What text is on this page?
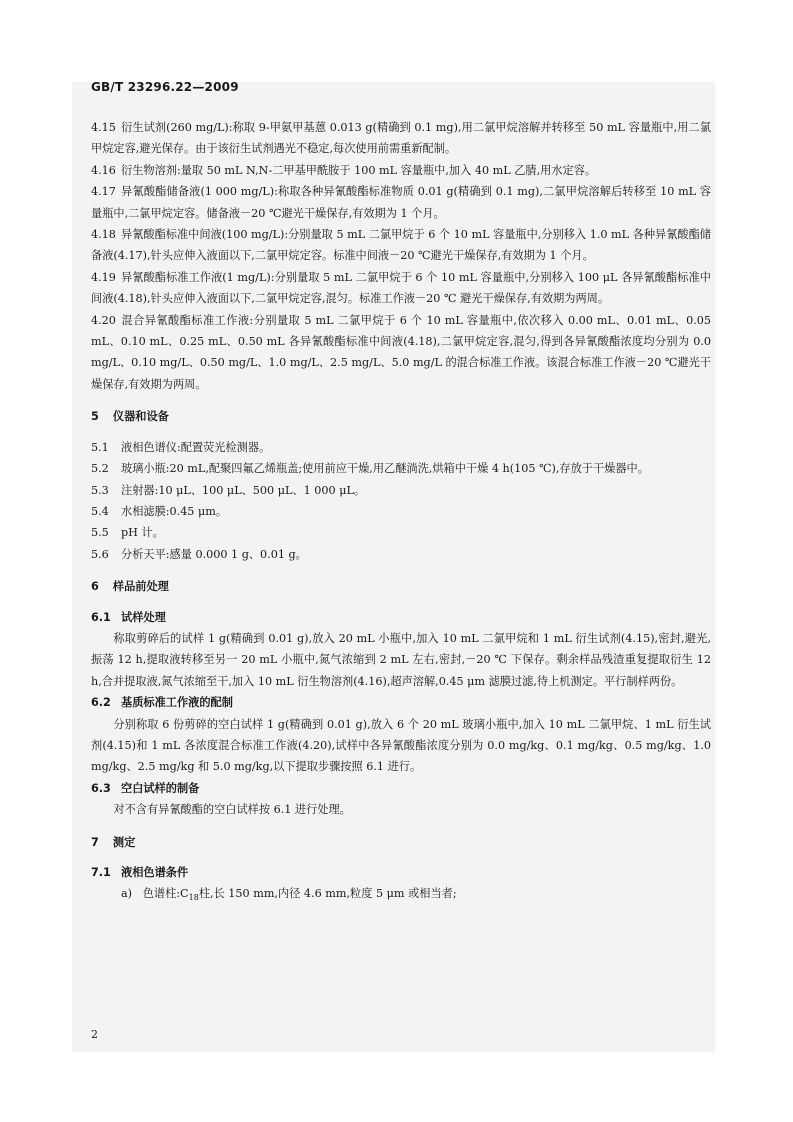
GB/T 23296.22—2009

4.15 衍生试剂(260 mg/L):称取 9-甲氨甲基蒽 0.013 g(精确到 0.1 mg),用二氯甲烷溶解并转移至 50 mL 容量瓶中,用二氯甲烷定容,避光保存。由于该衍生试剂遇光不稳定,每次使用前需重新配制。

4.16 衍生物溶剂:量取 50 mL N,N-二甲基甲酰胺于 100 mL 容量瓶中,加入 40 mL 乙腈,用水定容。

4.17 异氰酸酯储备液(1 000 mg/L):称取各种异氰酸酯标准物质 0.01 g(精确到 0.1 mg),二氯甲烷溶解后转移至 10 mL 容量瓶中,二氯甲烷定容。储备液－20 ℃避光干燥保存,有效期为 1 个月。

4.18 异氰酸酯标准中间液(100 mg/L):分别量取 5 mL 二氯甲烷于 6 个 10 mL 容量瓶中,分别移入 1.0 mL 各种异氰酸酯储备液(4.17),针头应伸入液面以下,二氯甲烷定容。标准中间液－20 ℃避光干燥保存,有效期为 1 个月。

4.19 异氰酸酯标准工作液(1 mg/L):分别量取 5 mL 二氯甲烷于 6 个 10 mL 容量瓶中,分别移入 100 μL 各异氰酸酯标准中间液(4.18),针头应伸入液面以下,二氯甲烷定容,混匀。标准工作液－20 ℃ 避光干燥保存,有效期为两周。

4.20 混合异氰酸酯标准工作液:分别量取 5 mL 二氯甲烷于 6 个 10 mL 容量瓶中,依次移入 0.00 mL、0.01 mL、0.05 mL、0.10 mL、0.25 mL、0.50 mL 各异氰酸酯标准中间液(4.18),二氯甲烷定容,混匀,得到各异氰酸酯浓度均分别为 0.0 mg/L、0.10 mg/L、0.50 mg/L、1.0 mg/L、2.5 mg/L、5.0 mg/L 的混合标准工作液。该混合标准工作液－20 ℃避光干燥保存,有效期为两周。

5 仪器和设备

5.1 液相色谱仪:配置荧光检测器。

5.2 玻璃小瓶:20 mL,配聚四氟乙烯瓶盖;使用前应干燥,用乙醚淌洗,烘箱中干燥 4 h(105 ℃),存放于干燥器中。

5.3 注射器:10 μL、100 μL、500 μL、1 000 μL。

5.4 水相滤膜:0.45 μm。

5.5 pH 计。

5.6 分析天平:感量 0.000 1 g、0.01 g。

6 样品前处理

6.1 试样处理

称取剪碎后的试样 1 g(精确到 0.01 g),放入 20 mL 小瓶中,加入 10 mL 二氯甲烷和 1 mL 衍生试剂(4.15),密封,避光,振荡 12 h,提取液转移至另一 20 mL 小瓶中,氮气浓缩到 2 mL 左右,密封,－20 ℃ 下保存。剩余样品残渣重复提取衍生 12 h,合并提取液,氮气浓缩至干,加入 10 mL 衍生物溶剂(4.16),超声溶解,0.45 μm 滤膜过滤,待上机测定。平行制样两份。

6.2 基质标准工作液的配制

分别称取 6 份剪碎的空白试样 1 g(精确到 0.01 g),放入 6 个 20 mL 玻璃小瓶中,加入 10 mL 二氯甲烷、1 mL 衍生试剂(4.15)和 1 mL 各浓度混合标准工作液(4.20),试样中各异氰酸酯浓度分别为 0.0 mg/kg、0.1 mg/kg、0.5 mg/kg、1.0 mg/kg、2.5 mg/kg 和 5.0 mg/kg,以下提取步骤按照 6.1 进行。

6.3 空白试样的制备

对不含有异氰酸酯的空白试样按 6.1 进行处理。

7 测定

7.1 液相色谱条件

a) 色谱柱$:C_{18}$柱,长 150 mm,内径 4.6 mm,粒度 5 μm 或相当者;

2
